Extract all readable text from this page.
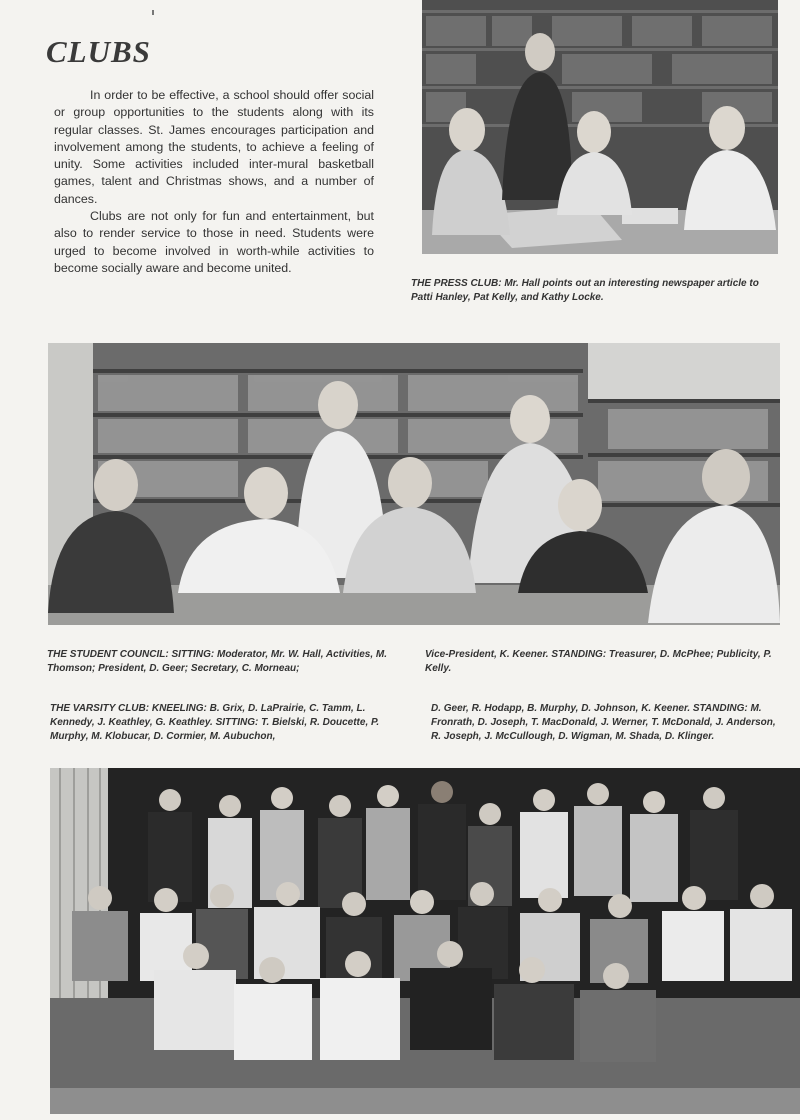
CLUBS

In order to be effective, a school should offer social or group opportunities to the students along with its regular classes. St. James encourages participation and involvement among the students, to achieve a feeling of unity. Some activities included inter-mural basketball games, talent and Christmas shows, and a number of dances.

Clubs are not only for fun and entertainment, but also to render service to those in need. Students were urged to become involved in worth-while activities to become socially aware and become united.

THE PRESS CLUB: Mr. Hall points out an interesting newspaper article to Patti Hanley, Pat Kelly, and Kathy Locke.

THE STUDENT COUNCIL: SITTING: Moderator, Mr. W. Hall, Activities, M. Thomson; President, D. Geer; Secretary, C. Morneau;

Vice-President, K. Keener. STANDING: Treasurer, D. McPhee; Publicity, P. Kelly.

THE VARSITY CLUB: KNEELING: B. Grix, D. LaPrairie, C. Tamm, L. Kennedy, J. Keathley, G. Keathley. SITTING: T. Bielski, R. Doucette, P. Murphy, M. Klobucar, D. Cormier, M. Aubuchon,

D. Geer, R. Hodapp, B. Murphy, D. Johnson, K. Keener. STANDING: M. Fronrath, D. Joseph, T. MacDonald, J. Werner, T. McDonald, J. Anderson, R. Joseph, J. McCullough, D. Wigman, M. Shada, D. Klinger.
